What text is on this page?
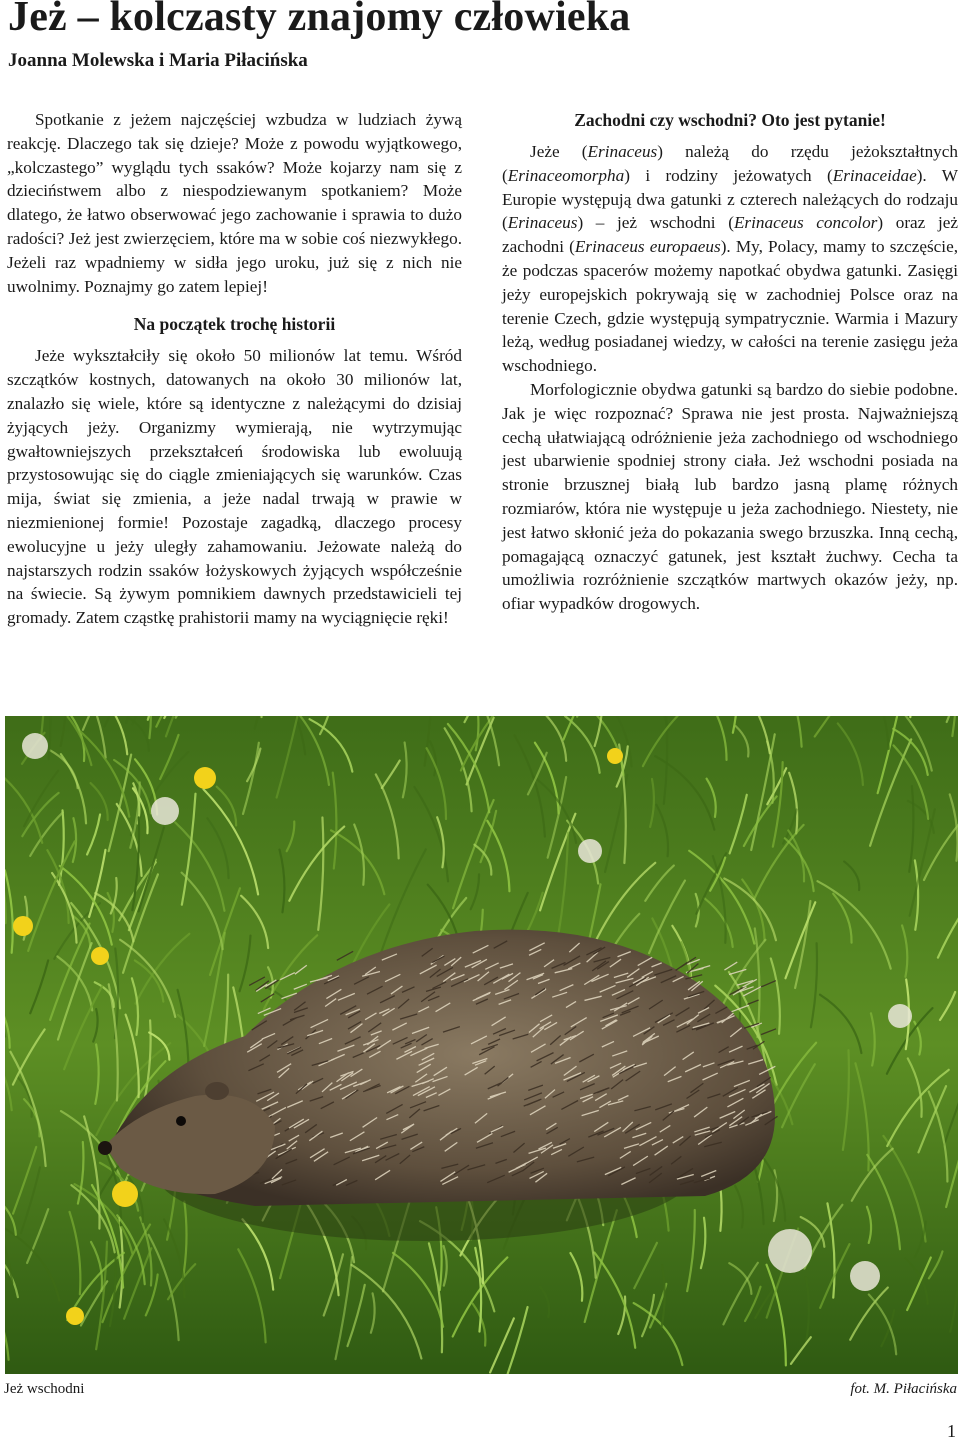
Jeż – kolczasty znajomy człowieka
Joanna Molewska i Maria Piłacińska

Spotkanie z jeżem najczęściej wzbudza w ludziach żywą reakcję. Dlaczego tak się dzieje? Może z powodu wyjątkowego, „kolczastego” wyglądu tych ssaków? Może kojarzy nam się z dzieciństwem albo z niespodziewanym spotkaniem? Może dlatego, że łatwo obserwować jego zachowanie i sprawia to dużo radości? Jeż jest zwierzęciem, które ma w sobie coś niezwykłego. Jeżeli raz wpadniemy w sidła jego uroku, już się z nich nie uwolnimy. Poznajmy go zatem lepiej!

Na początek trochę historii

Jeże wykształciły się około 50 milionów lat temu. Wśród szczątków kostnych, datowanych na około 30 milionów lat, znalazło się wiele, które są identyczne z należącymi do dzisiaj żyjących jeży. Organizmy wymierają, nie wytrzymując gwałtowniejszych przekształceń środowiska lub ewoluują przystosowując się do ciągle zmieniających się warunków. Czas mija, świat się zmienia, a jeże nadal trwają w prawie w niezmienionej formie! Pozostaje zagadką, dlaczego procesy ewolucyjne u jeży uległy zahamowaniu. Jeżowate należą do najstarszych rodzin ssaków łożyskowych żyjących współcześnie na świecie. Są żywym pomnikiem dawnych przedstawicieli tej gromady. Zatem cząstkę prahistorii mamy na wyciągnięcie ręki!

Zachodni czy wschodni? Oto jest pytanie!

Jeże (Erinaceus) należą do rzędu jeżokształtnych (Erinaceomorpha) i rodziny jeżowatych (Erinaceidae). W Europie występują dwa gatunki z czterech należących do rodzaju (Erinaceus) – jeż wschodni (Erinaceus concolor) oraz jeż zachodni (Erinaceus europaeus). My, Polacy, mamy to szczęście, że podczas spacerów możemy napotkać obydwa gatunki. Zasięgi jeży europejskich pokrywają się w zachodniej Polsce oraz na terenie Czech, gdzie występują sympatrycznie. Warmia i Mazury leżą, według posiadanej wiedzy, w całości na terenie zasięgu jeża wschodniego.

Morfologicznie obydwa gatunki są bardzo do siebie podobne. Jak je więc rozpoznać? Sprawa nie jest prosta. Najważniejszą cechą ułatwiającą odróżnienie jeża zachodniego od wschodniego jest ubarwienie spodniej strony ciała. Jeż wschodni posiada na stronie brzusznej białą lub bardzo jasną plamę różnych rozmiarów, która nie występuje u jeża zachodniego. Niestety, nie jest łatwo skłonić jeża do pokazania swego brzuszka. Inną cechą, pomagającą oznaczyć gatunek, jest kształt żuchwy. Cecha ta umożliwia rozróżnienie szczątków martwych okazów jeży, np. ofiar wypadków drogowych.

Jeż wschodni	fot. M. Piłacińska
1
